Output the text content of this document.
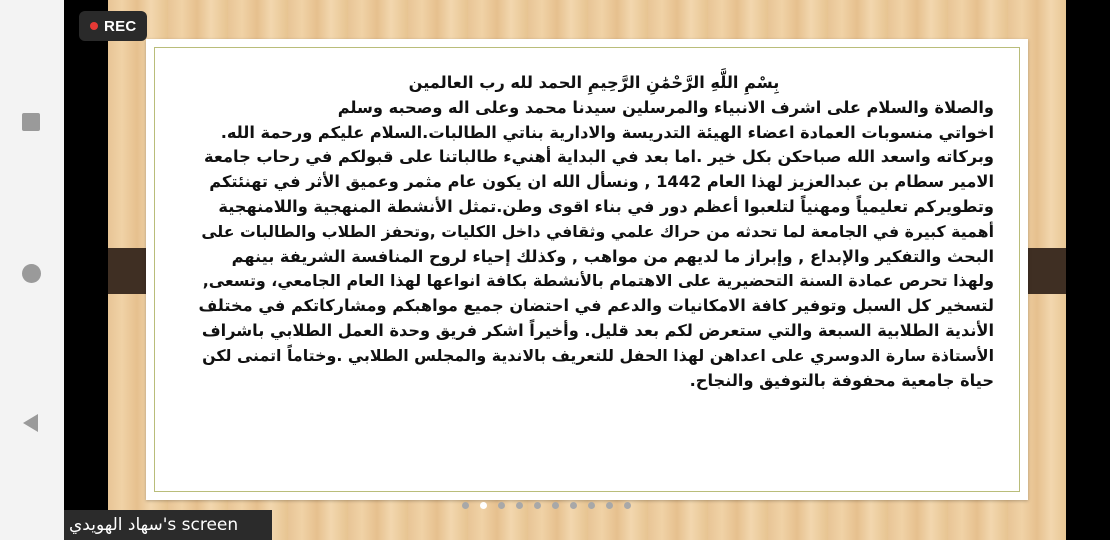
بِسْمِ اللَّهِ الرَّحْمَٰنِ الرَّحِيمِ الحمد لله رب العالمين
والصلاة والسلام على اشرف الانبياء والمرسلين سيدنا محمد وعلى اله وصحبه وسلم
اخواتي منسوبات العمادة اعضاء الهيئة التدريسة والادارية بناتي الطالبات.السلام عليكم ورحمة الله.
وبركاته واسعد الله صباحكن بكل خير .اما بعد في البداية أهنيء طالباتنا على قبولكم في رحاب جامعة
الامير سطام بن عبدالعزيز لهذا العام 1442 , ونسأل الله ان يكون عام مثمر وعميق الأثر في تهنئتكم
وتطويركم تعليمياً ومهنياً لتلعبوا أعظم دور في بناء اقوى وطن.تمثل الأنشطة المنهجية واللامنهجية
أهمية كبيرة في الجامعة لما تحدثه من حراك علمي وثقافي داخل الكليات ,وتحفز الطلاب والطالبات على
البحث والتفكير والإبداع , وإبراز ما لديهم من مواهب , وكذلك إحياء لروح المنافسة الشريفة بينهم
ولهذا تحرص عمادة السنة التحضيرية على الاهتمام بالأنشطة بكافة انواعها لهذا العام الجامعي، وتسعى,
لتسخير كل السبل وتوفير كافة الامكانيات والدعم في احتضان جميع مواهبكم ومشاركاتكم في مختلف
الأندية الطلابية السبعة والتي ستعرض لكم بعد قليل. وأخيراً اشكر فريق وحدة العمل الطلابي باشراف
الأستاذة سارة الدوسري على اعداهن لهذا الحفل للتعريف بالاندية والمجلس الطلابي .وختاماً اتمنى لكن
حياة جامعية محفوفة بالتوفيق والنجاح.
REC
سهاد الهويدي's screen
